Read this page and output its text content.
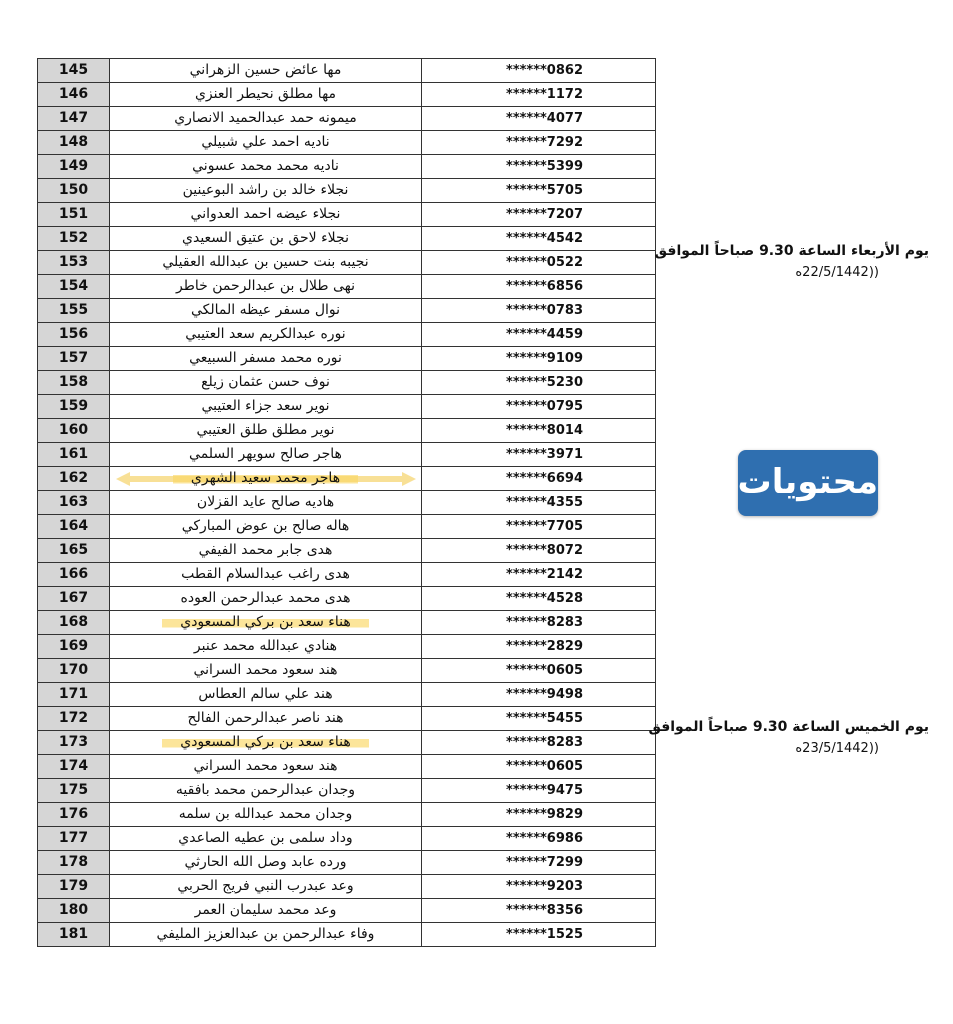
145	مها عائض حسين الزهراني	******0862
146	مها مطلق نحيطر العنزي	******1172
147	ميمونه حمد عبدالحميد الانصاري	******4077
148	ناديه احمد علي شبيلي	******7292
149	ناديه محمد محمد عسوني	******5399
150	نجلاء خالد بن راشد البوعينين	******5705
151	نجلاء عيضه احمد العدواني	******7207
152	نجلاء لاحق بن عتيق السعيدي	******4542
153	نجيبه بنت حسين بن عبدالله العقيلي	******0522
154	نهى طلال بن عبدالرحمن خاطر	******6856
155	نوال مسفر عيظه المالكي	******0783
156	نوره عبدالكريم سعد العتيبي	******4459
157	نوره محمد مسفر السبيعي	******9109
158	نوف حسن عثمان زيلع	******5230
159	نوير سعد جزاء العتيبي	******0795
160	نوير مطلق طلق العتيبي	******8014
161	هاجر صالح سويهر السلمي	******3971
162	هاجر محمد سعيد الشهري	******6694
163	هاديه صالح عايد القزلان	******4355
164	هاله صالح بن عوض المباركي	******7705
165	هدى جابر محمد الفيفي	******8072
166	هدى راغب عبدالسلام القطب	******2142
167	هدى محمد عبدالرحمن العوده	******4528
168	هناء سعد بن بركي المسعودي	******8283
169	هنادي عبدالله محمد عنبر	******2829
170	هند سعود محمد السراني	******0605
171	هند علي سالم العطاس	******9498
172	هند ناصر عبدالرحمن الفالح	******5455
173	هناء سعد بن بركي المسعودي	******8283
174	هند سعود محمد السراني	******0605
175	وجدان عبدالرحمن محمد بافقيه	******9475
176	وجدان محمد عبدالله بن سلمه	******9829
177	وداد سلمى بن عطيه الصاعدي	******6986
178	ورده عابد وصل الله الحارثي	******7299
179	وعد عبدرب النبي فريج الحربي	******9203
180	وعد محمد سليمان العمر	******8356
181	وفاء عبدالرحمن بن عبدالعزيز المليفي	******1525
يوم الأربعاء الساعة 9.30 صباحاً الموافق
((22/5/1442ه
محتويات
يوم الخميس الساعة 9.30 صباحاً الموافق
((23/5/1442ه
